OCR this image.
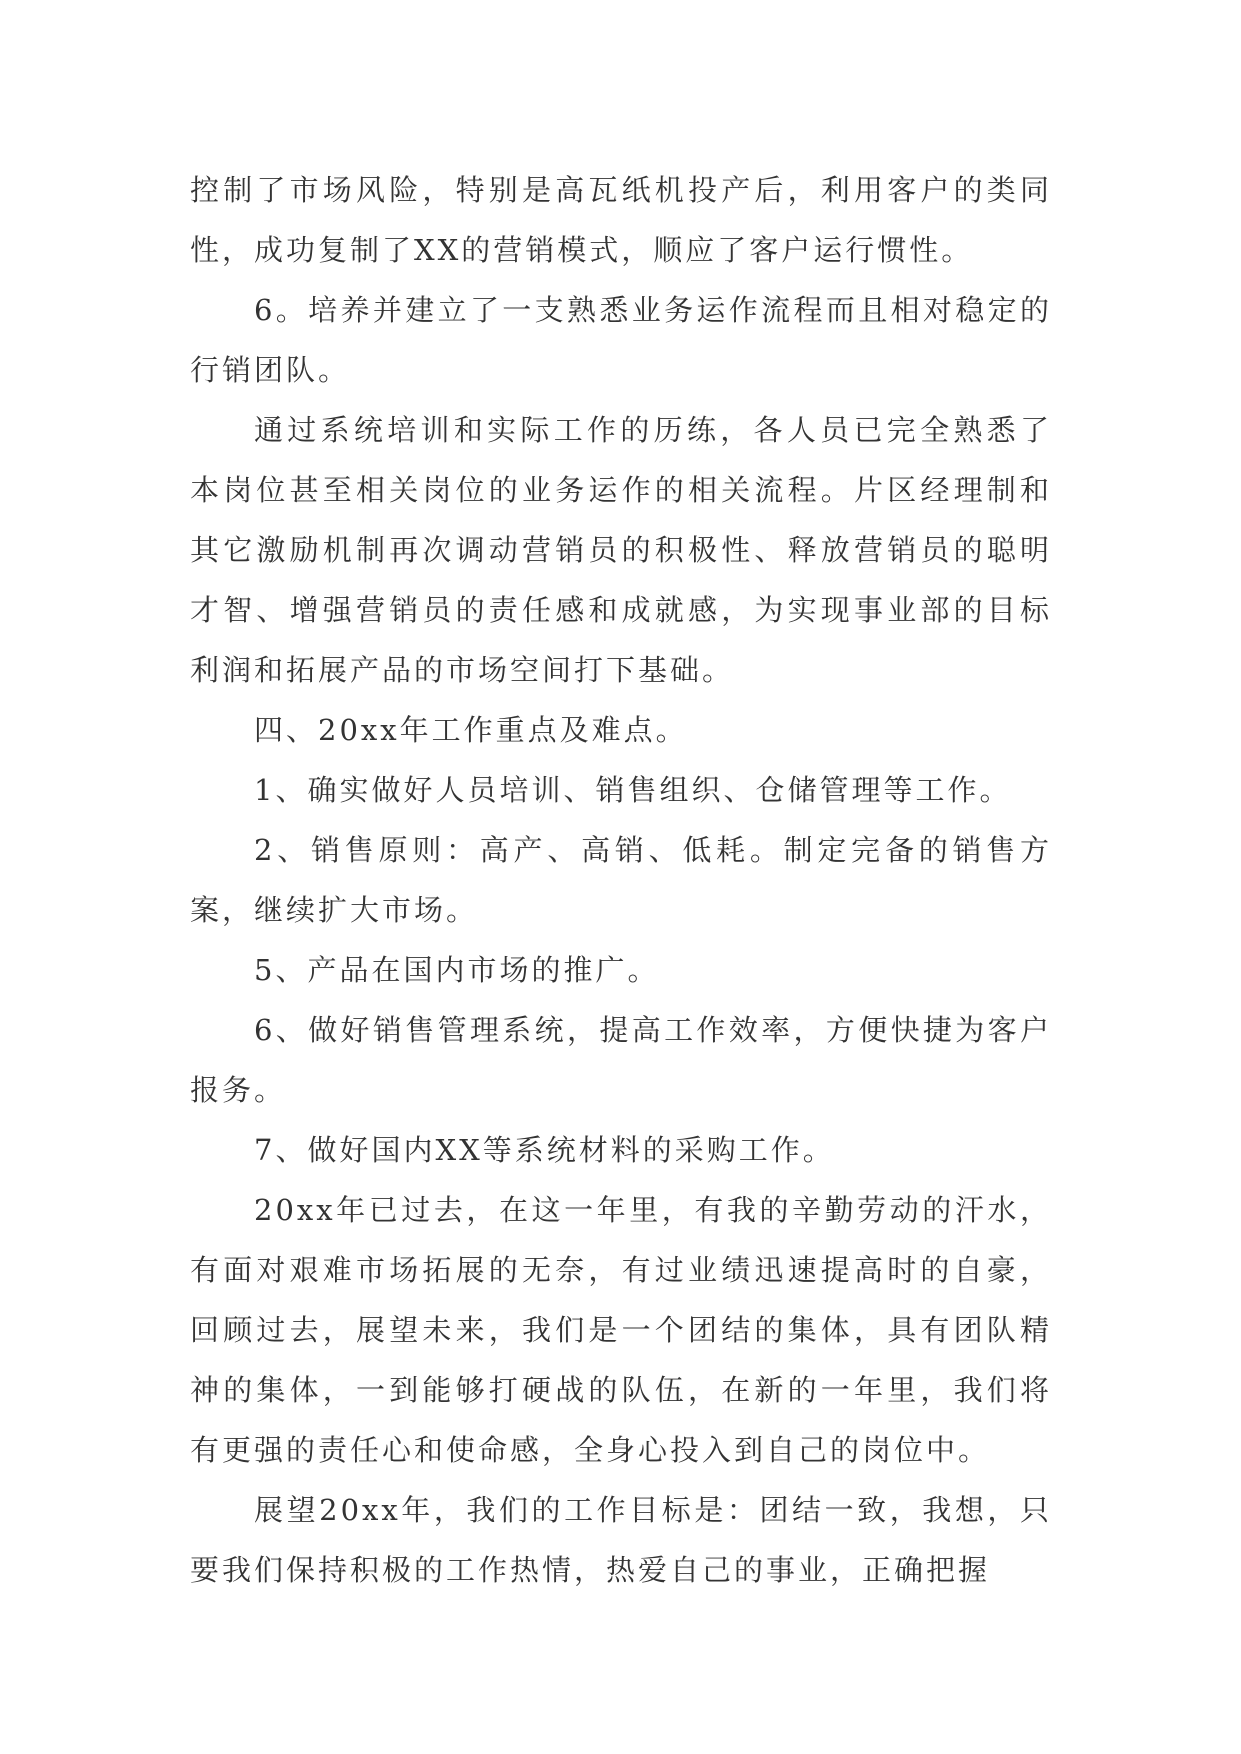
控制了市场风险，特别是高瓦纸机投产后，利用客户的类同性，成功复制了XX的营销模式，顺应了客户运行惯性。

6。培养并建立了一支熟悉业务运作流程而且相对稳定的行销团队。

通过系统培训和实际工作的历练，各人员已完全熟悉了本岗位甚至相关岗位的业务运作的相关流程。片区经理制和其它激励机制再次调动营销员的积极性、释放营销员的聪明才智、增强营销员的责任感和成就感，为实现事业部的目标利润和拓展产品的市场空间打下基础。

四、20xx年工作重点及难点。

1、确实做好人员培训、销售组织、仓储管理等工作。

2、销售原则：高产、高销、低耗。制定完备的销售方案，继续扩大市场。

5、产品在国内市场的推广。

6、做好销售管理系统，提高工作效率，方便快捷为客户报务。

7、做好国内XX等系统材料的采购工作。

20xx年已过去，在这一年里，有我的辛勤劳动的汗水，有面对艰难市场拓展的无奈，有过业绩迅速提高时的自豪，回顾过去，展望未来，我们是一个团结的集体，具有团队精神的集体，一到能够打硬战的队伍，在新的一年里，我们将有更强的责任心和使命感，全身心投入到自己的岗位中。

展望20xx年，我们的工作目标是：团结一致，我想，只要我们保持积极的工作热情，热爱自己的事业，正确把握
